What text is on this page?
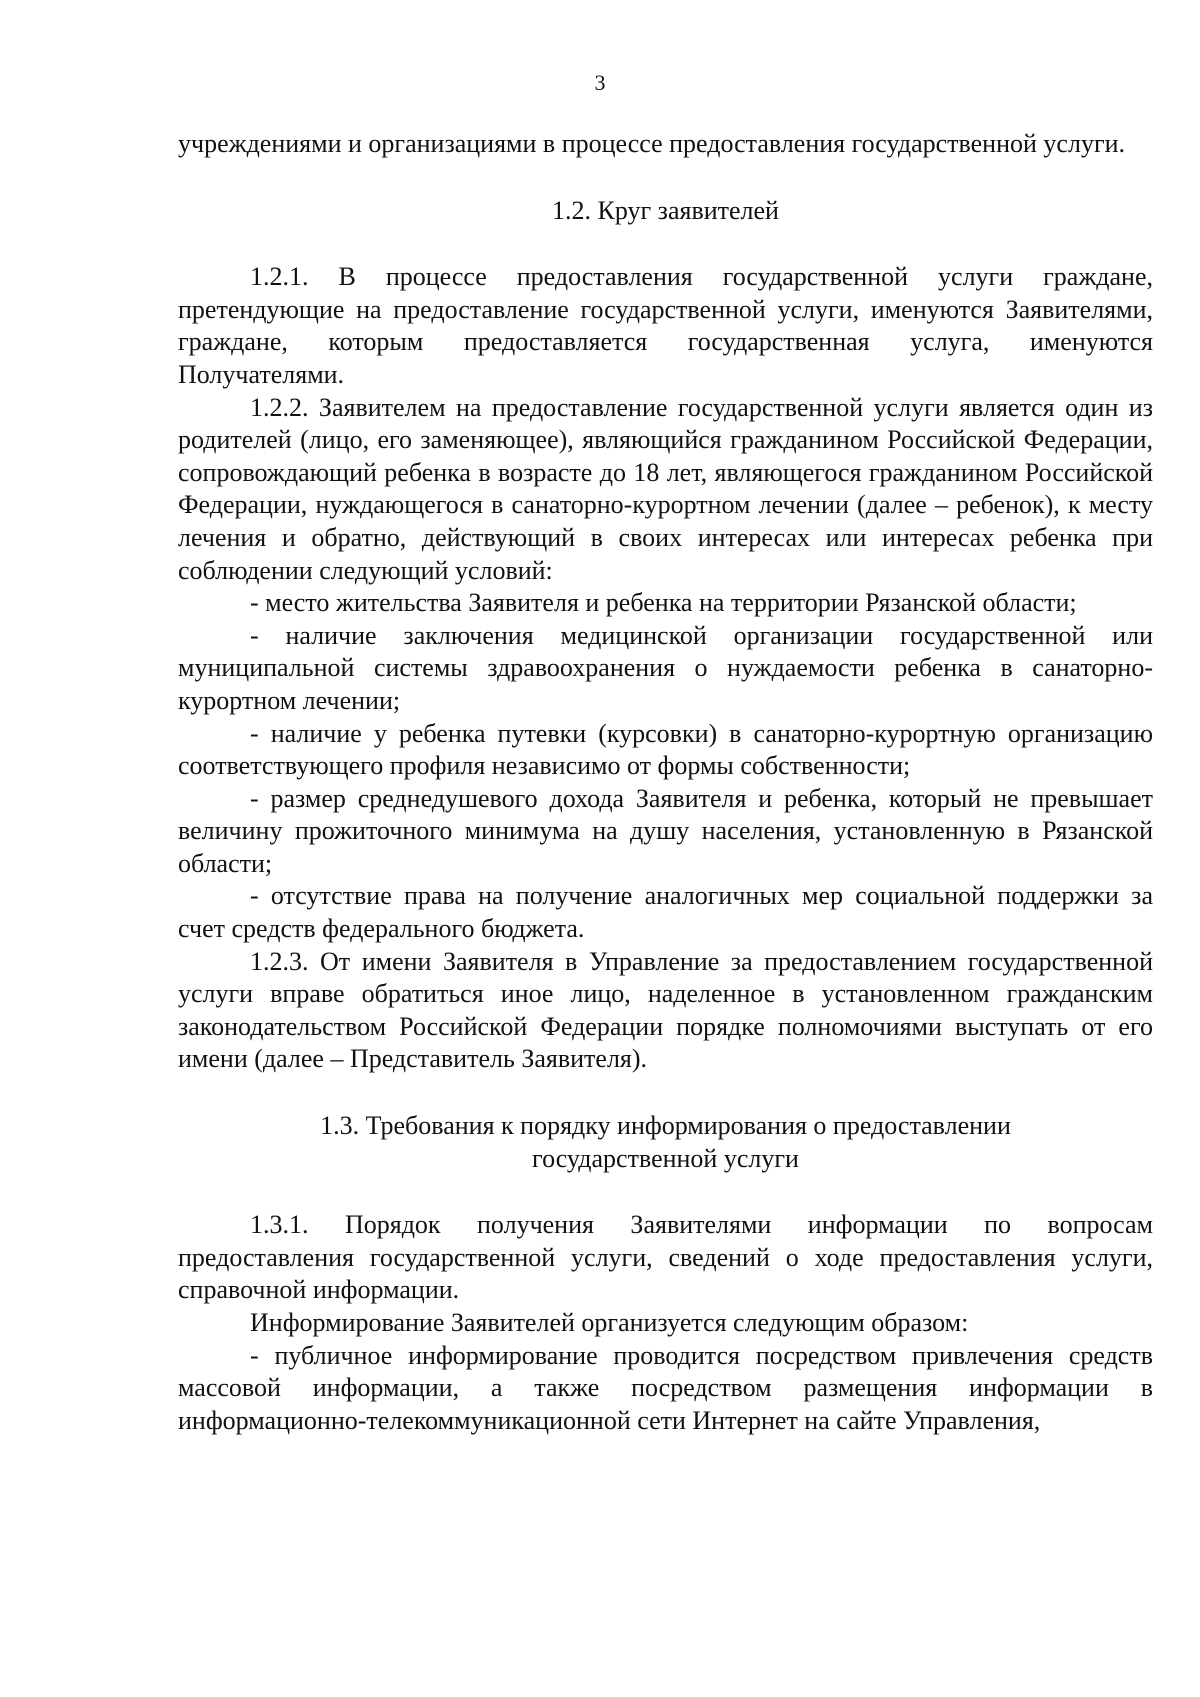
3

учреждениями и организациями в процессе предоставления государственной услуги.

1.2. Круг заявителей

1.2.1. В процессе предоставления государственной услуги граждане, претендующие на предоставление государственной услуги, именуются Заявителями, граждане, которым предоставляется государственная услуга, именуются Получателями.

1.2.2. Заявителем на предоставление государственной услуги является один из родителей (лицо, его заменяющее), являющийся гражданином Российской Федерации, сопровождающий ребенка в возрасте до 18 лет, являющегося гражданином Российской Федерации, нуждающегося в санаторно-курортном лечении (далее – ребенок), к месту лечения и обратно, действующий в своих интересах или интересах ребенка при соблюдении следующий условий:

- место жительства Заявителя и ребенка на территории Рязанской области;

- наличие заключения медицинской организации государственной или муниципальной системы здравоохранения о нуждаемости ребенка в санаторно-курортном лечении;

- наличие у ребенка путевки (курсовки) в санаторно-курортную организацию соответствующего профиля независимо от формы собственности;

- размер среднедушевого дохода Заявителя и ребенка, который не превышает величину прожиточного минимума на душу населения, установленную в Рязанской области;

- отсутствие права на получение аналогичных мер социальной поддержки за счет средств федерального бюджета.

1.2.3. От имени Заявителя в Управление за предоставлением государственной услуги вправе обратиться иное лицо, наделенное в установленном гражданским законодательством Российской Федерации порядке полномочиями выступать от его имени (далее – Представитель Заявителя).

1.3. Требования к порядку информирования о предоставлении государственной услуги

1.3.1. Порядок получения Заявителями информации по вопросам предоставления государственной услуги, сведений о ходе предоставления услуги, справочной информации.

Информирование Заявителей организуется следующим образом:

- публичное информирование проводится посредством привлечения средств массовой информации, а также посредством размещения информации в информационно-телекоммуникационной сети Интернет на сайте Управления,
